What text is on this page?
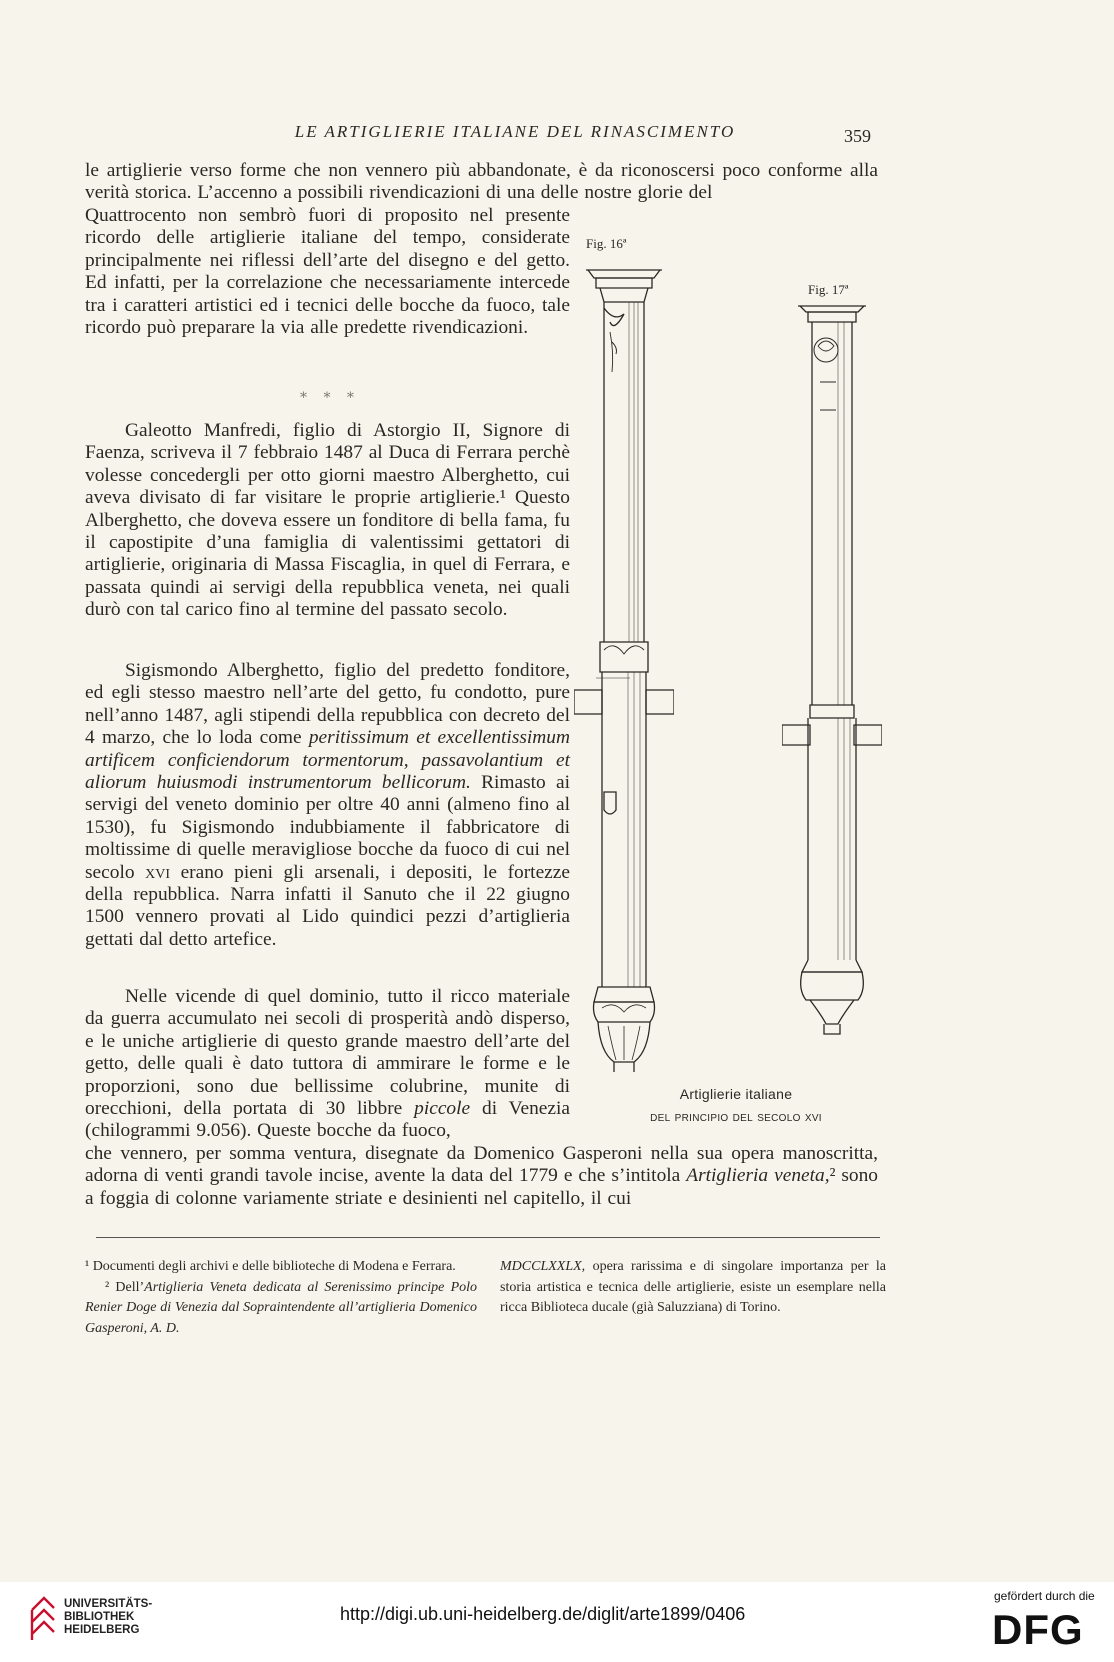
LE ARTIGLIERIE ITALIANE DEL RINASCIMENTO	359

le artiglierie verso forme che non vennero più abbandonate, è da riconoscersi poco conforme alla verità storica. L’accenno a possibili rivendicazioni di una delle nostre glorie del

Quattrocento non sembrò fuori di proposito nel presente ricordo delle artiglierie italiane del tempo, considerate principalmente nei riflessi dell’arte del disegno e del getto. Ed infatti, per la correlazione che necessariamente intercede tra i caratteri artistici ed i tecnici delle bocche da fuoco, tale ricordo può preparare la via alle predette rivendicazioni.

* * *

Galeotto Manfredi, figlio di Astorgio II, Signore di Faenza, scriveva il 7 febbraio 1487 al Duca di Ferrara perchè volesse concedergli per otto giorni maestro Alberghetto, cui aveva divisato di far visitare le proprie artiglierie.¹ Questo Alberghetto, che doveva essere un fonditore di bella fama, fu il capostipite d’una famiglia di valentissimi gettatori di artiglierie, originaria di Massa Fiscaglia, in quel di Ferrara, e passata quindi ai servigi della repubblica veneta, nei quali durò con tal carico fino al termine del passato secolo.

Sigismondo Alberghetto, figlio del predetto fonditore, ed egli stesso maestro nell’arte del getto, fu condotto, pure nell’anno 1487, agli stipendi della repubblica con decreto del 4 marzo, che lo loda come peritissimum et excellentissimum artificem conficiendorum tormentorum, passavolantium et aliorum huiusmodi instrumentorum bellicorum. Rimasto ai servigi del veneto dominio per oltre 40 anni (almeno fino al 1530), fu Sigismondo indubbiamente il fabbricatore di moltissime di quelle meravigliose bocche da fuoco di cui nel secolo xvi erano pieni gli arsenali, i depositi, le fortezze della repubblica. Narra infatti il Sanuto che il 22 giugno 1500 vennero provati al Lido quindici pezzi d’artiglieria gettati dal detto artefice.

Nelle vicende di quel dominio, tutto il ricco materiale da guerra accumulato nei secoli di prosperità andò disperso, e le uniche artiglierie di questo grande maestro dell’arte del getto, delle quali è dato tuttora di ammirare le forme e le proporzioni, sono due bellissime colubrine, munite di orecchioni, della portata di 30 libbre piccole di Venezia (chilogrammi 9.056). Queste bocche da fuoco,

che vennero, per somma ventura, disegnate da Domenico Gasperoni nella sua opera manoscritta, adorna di venti grandi tavole incise, avente la data del 1779 e che s’intitola Artiglieria veneta,² sono a foggia di colonne variamente striate e desinienti nel capitello, il cui

Fig. 16ª
Fig. 17ª
Artiglierie italiane
del principio del secolo xvi

¹ Documenti degli archivi e delle biblioteche di Modena e Ferrara.

² Dell’Artiglieria Veneta dedicata al Serenissimo principe Polo Renier Doge di Venezia dal Sopraintendente all’artiglieria Domenico Gasperoni, A. D.

MDCCLXXLX, opera rarissima e di singolare importanza per la storia artistica e tecnica delle artiglierie, esiste un esemplare nella ricca Biblioteca ducale (già Saluzziana) di Torino.

UNIVERSITÄTS-
BIBLIOTHEK
HEIDELBERG
http://digi.ub.uni-heidelberg.de/diglit/arte1899/0406
gefördert durch die
DFG
